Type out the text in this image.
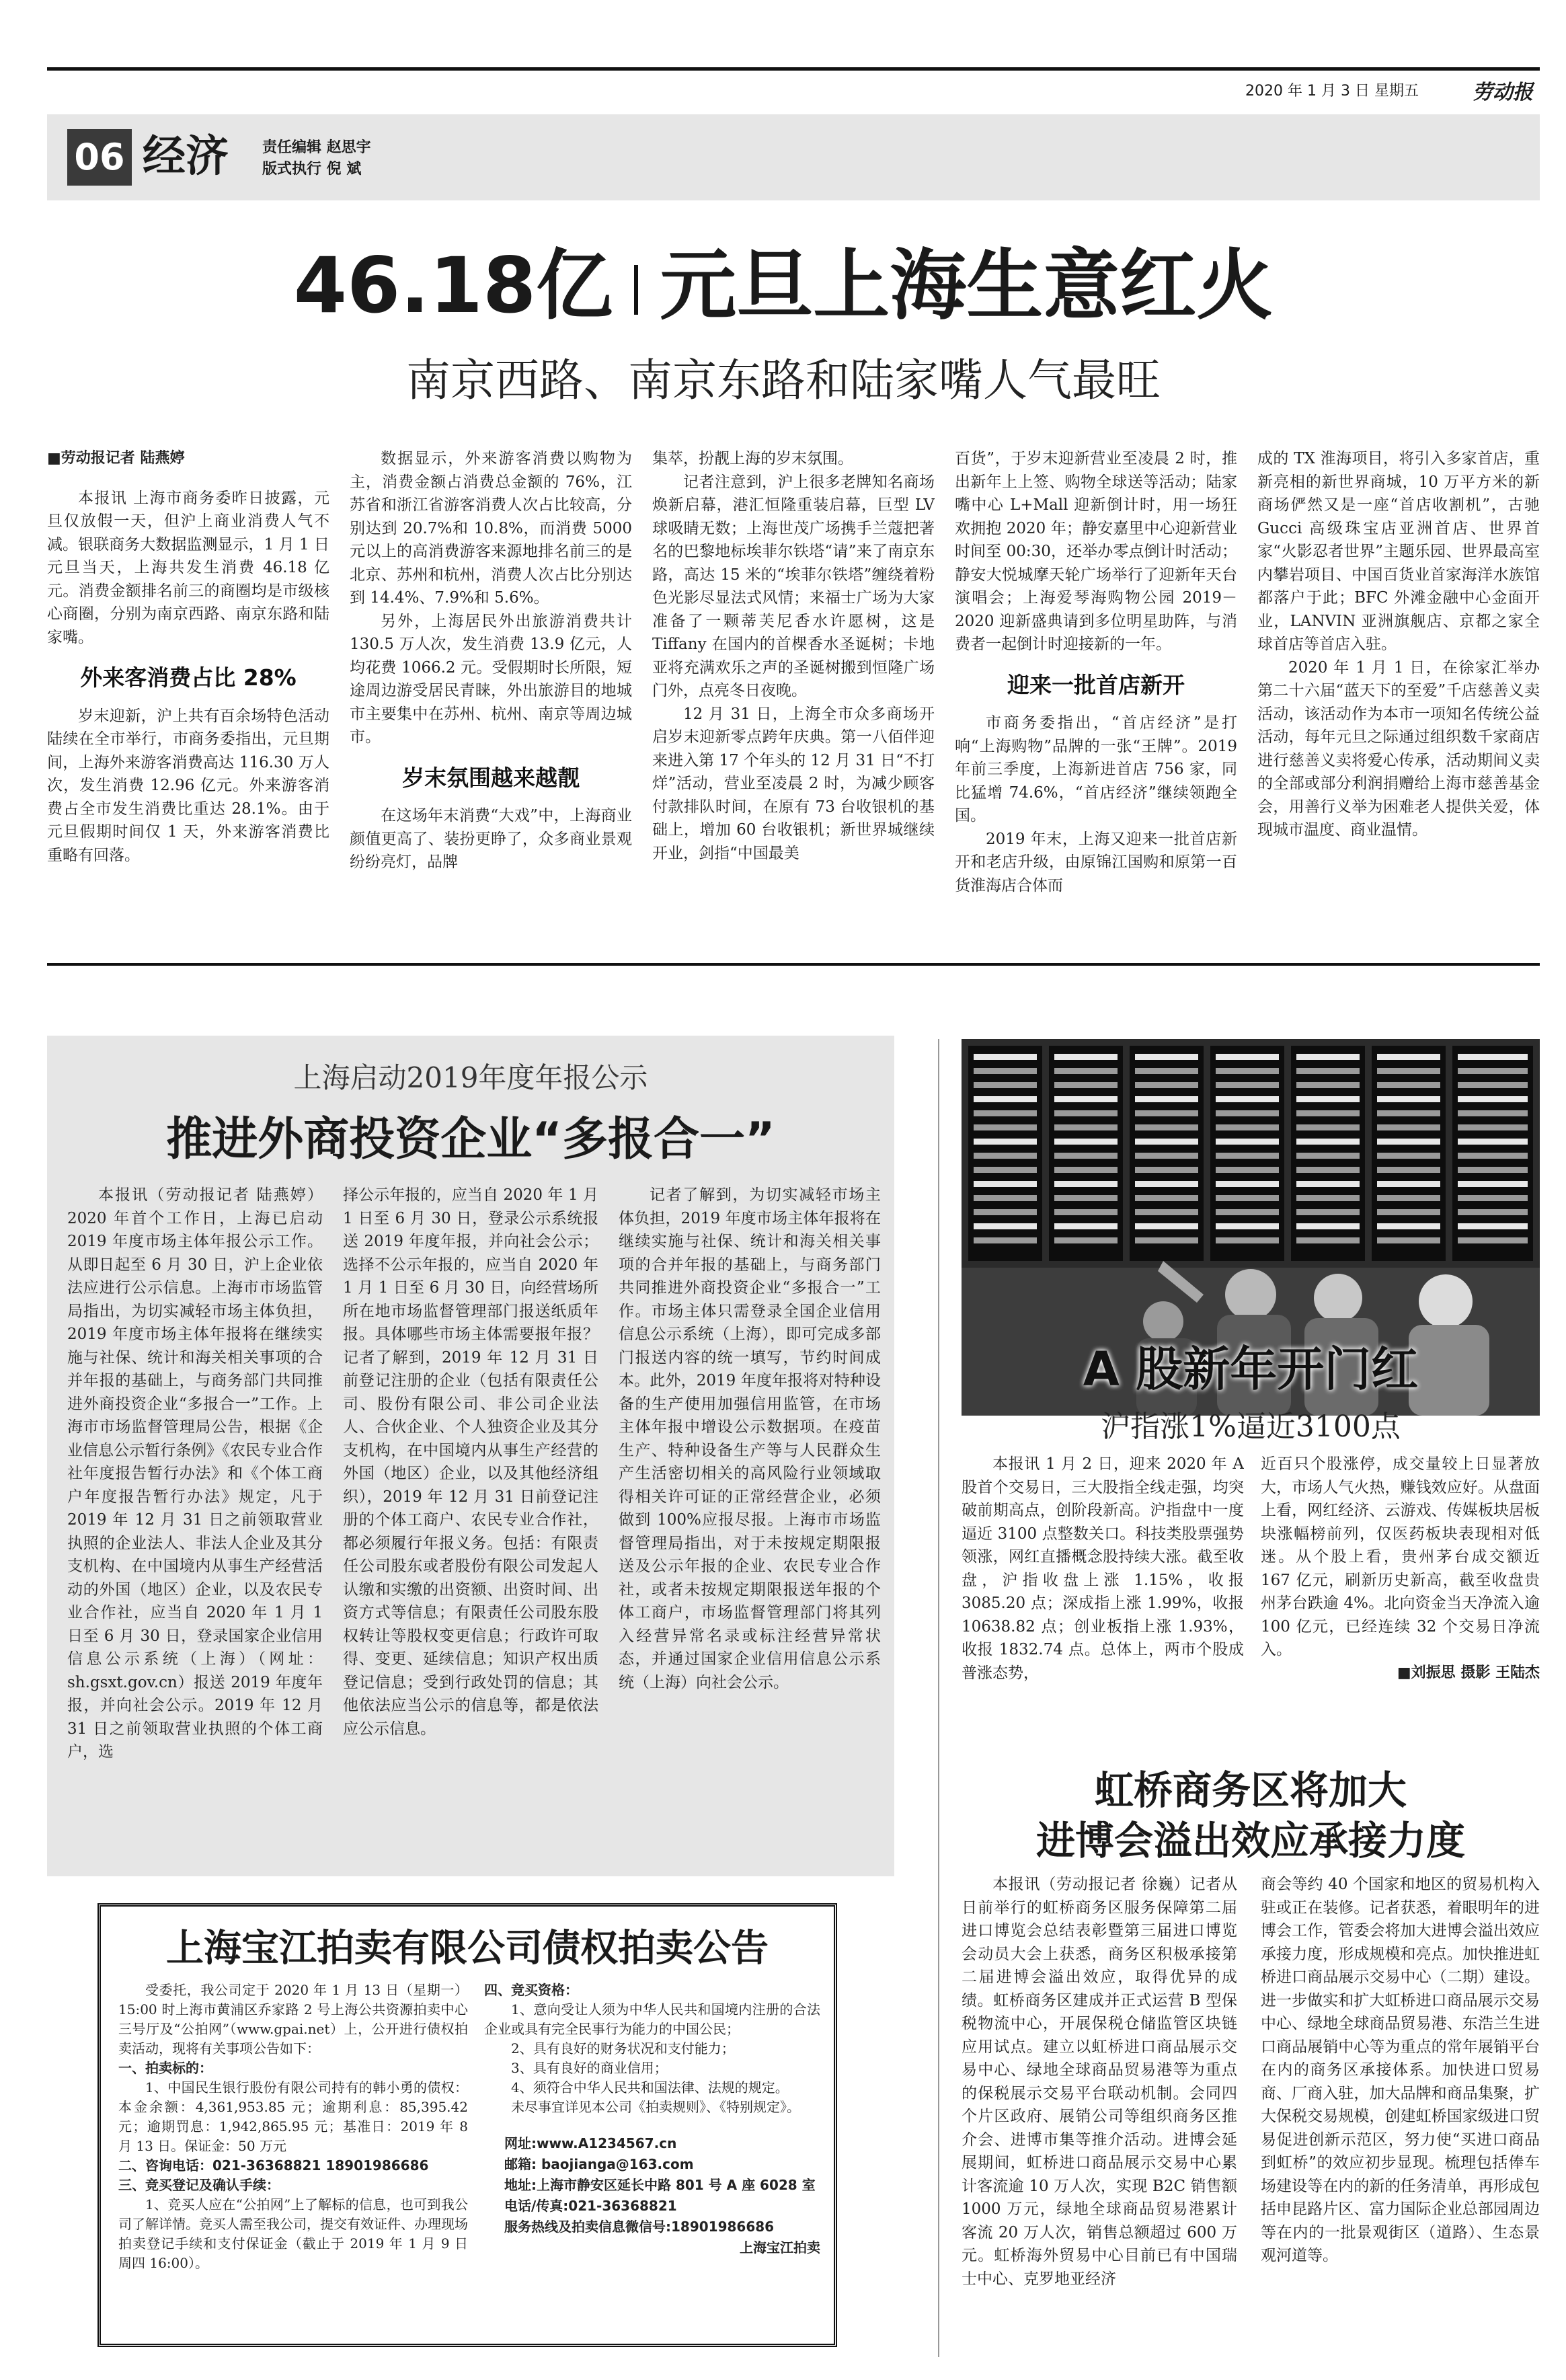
2020 年 1 月 3 日 星期五	劳动报
06 经济	责任编辑 赵思宇
版式执行 倪 斌
46.18亿 元旦上海生意红火
南京西路、南京东路和陆家嘴人气最旺

■劳动报记者 陆燕婷

本报讯 上海市商务委昨日披露，元旦仅放假一天，但沪上商业消费人气不减。银联商务大数据监测显示，1 月 1 日元旦当天，上海共发生消费 46.18 亿元。消费金额排名前三的商圈均是市级核心商圈，分别为南京西路、南京东路和陆家嘴。

外来客消费占比 28%

岁末迎新，沪上共有百余场特色活动陆续在全市举行，市商务委指出，元旦期间，上海外来游客消费高达 116.30 万人次，发生消费 12.96 亿元。外来游客消费占全市发生消费比重达 28.1%。由于元旦假期时间仅 1 天，外来游客消费比重略有回落。

数据显示，外来游客消费以购物为主，消费金额占消费总金额的 76%，江苏省和浙江省游客消费人次占比较高，分别达到 20.7%和 10.8%，而消费 5000 元以上的高消费游客来源地排名前三的是北京、苏州和杭州，消费人次占比分别达到 14.4%、7.9%和 5.6%。

另外，上海居民外出旅游消费共计 130.5 万人次，发生消费 13.9 亿元，人均花费 1066.2 元。受假期时长所限，短途周边游受居民青睐，外出旅游目的地城市主要集中在苏州、杭州、南京等周边城市。

岁末氛围越来越靓

在这场年末消费“大戏”中，上海商业颜值更高了、装扮更睁了，众多商业景观纷纷亮灯，品牌

集萃，扮靓上海的岁末氛围。

记者注意到，沪上很多老牌知名商场焕新启幕，港汇恒隆重装启幕，巨型 LV 球吸睛无数；上海世茂广场携手兰蔻把著名的巴黎地标埃菲尔铁塔“请”来了南京东路，高达 15 米的“埃菲尔铁塔”缠绕着粉色光影尽显法式风情；来福士广场为大家准备了一颗蒂芙尼香水许愿树，这是 Tiffany 在国内的首棵香水圣诞树；卡地亚将充满欢乐之声的圣诞树搬到恒隆广场门外，点亮冬日夜晚。

12 月 31 日，上海全市众多商场开启岁末迎新零点跨年庆典。第一八佰伴迎来进入第 17 个年头的 12 月 31 日“不打烊”活动，营业至凌晨 2 时，为减少顾客付款排队时间，在原有 73 台收银机的基础上，增加 60 台收银机；新世界城继续开业，剑指“中国最美

百货”，于岁末迎新营业至凌晨 2 时，推出新年上上签、购物全球送等活动；陆家嘴中心 L+Mall 迎新倒计时，用一场狂欢拥抱 2020 年；静安嘉里中心迎新营业时间至 00:30，还举办零点倒计时活动；静安大悦城摩天轮广场举行了迎新年天台演唱会；上海爱琴海购物公园 2019－2020 迎新盛典请到多位明星助阵，与消费者一起倒计时迎接新的一年。

迎来一批首店新开

市商务委指出，“首店经济”是打响“上海购物”品牌的一张“王牌”。2019 年前三季度，上海新进首店 756 家，同比猛增 74.6%，“首店经济”继续领跑全国。

2019 年末，上海又迎来一批首店新开和老店升级，由原锦江国购和原第一百货淮海店合体而

成的 TX 淮海项目，将引入多家首店，重新亮相的新世界商城，10 万平方米的新商场俨然又是一座“首店收割机”，古驰 Gucci 高级珠宝店亚洲首店、世界首家“火影忍者世界”主题乐园、世界最高室内攀岩项目、中国百货业首家海洋水族馆都落户于此；BFC 外滩金融中心金面开业，LANVIN 亚洲旗舰店、京都之家全球首店等首店入驻。

2020 年 1 月 1 日，在徐家汇举办第二十六届“蓝天下的至爱”千店慈善义卖活动，该活动作为本市一项知名传统公益活动，每年元旦之际通过组织数千家商店进行慈善义卖将爱心传承，活动期间义卖的全部或部分利润捐赠给上海市慈善基金会，用善行义举为困难老人提供关爱，体现城市温度、商业温情。

上海启动2019年度年报公示
推进外商投资企业“多报合一”

本报讯（劳动报记者 陆燕婷）2020 年首个工作日，上海已启动 2019 年度市场主体年报公示工作。从即日起至 6 月 30 日，沪上企业依法应进行公示信息。上海市市场监管局指出，为切实减轻市场主体负担，2019 年度市场主体年报将在继续实施与社保、统计和海关相关事项的合并年报的基础上，与商务部门共同推进外商投资企业“多报合一”工作。上海市市场监督管理局公告，根据《企业信息公示暂行条例》《农民专业合作社年度报告暂行办法》和《个体工商户年度报告暂行办法》规定，凡于 2019 年 12 月 31 日之前领取营业执照的企业法人、非法人企业及其分支机构、在中国境内从事生产经营活动的外国（地区）企业，以及农民专业合作社，应当自 2020 年 1 月 1 日至 6 月 30 日，登录国家企业信用信息公示系统（上海）（网址：sh.gsxt.gov.cn）报送 2019 年度年报，并向社会公示。2019 年 12 月 31 日之前领取营业执照的个体工商户，选

择公示年报的，应当自 2020 年 1 月 1 日至 6 月 30 日，登录公示系统报送 2019 年度年报，并向社会公示；选择不公示年报的，应当自 2020 年 1 月 1 日至 6 月 30 日，向经营场所所在地市场监督管理部门报送纸质年报。具体哪些市场主体需要报年报？记者了解到，2019 年 12 月 31 日前登记注册的企业（包括有限责任公司、股份有限公司、非公司企业法人、合伙企业、个人独资企业及其分支机构，在中国境内从事生产经营的外国（地区）企业，以及其他经济组织），2019 年 12 月 31 日前登记注册的个体工商户、农民专业合作社，都必须履行年报义务。包括：有限责任公司股东或者股份有限公司发起人认缴和实缴的出资额、出资时间、出资方式等信息；有限责任公司股东股权转让等股权变更信息；行政许可取得、变更、延续信息；知识产权出质登记信息；受到行政处罚的信息；其他依法应当公示的信息等，都是依法应公示信息。

记者了解到，为切实减轻市场主体负担，2019 年度市场主体年报将在继续实施与社保、统计和海关相关事项的合并年报的基础上，与商务部门共同推进外商投资企业“多报合一”工作。市场主体只需登录全国企业信用信息公示系统（上海），即可完成多部门报送内容的统一填写，节约时间成本。此外，2019 年度年报将对特种设备的生产使用加强信用监管，在市场主体年报中增设公示数据项。在疫苗生产、特种设备生产等与人民群众生产生活密切相关的高风险行业领域取得相关许可证的正常经营企业，必须做到 100%应报尽报。上海市市场监督管理局指出，对于未按规定期限报送及公示年报的企业、农民专业合作社，或者未按规定期限报送年报的个体工商户，市场监督管理部门将其列入经营异常名录或标注经营异常状态，并通过国家企业信用信息公示系统（上海）向社会公示。

A 股新年开门红
沪指涨1%逼近3100点

本报讯 1 月 2 日，迎来 2020 年 A 股首个交易日，三大股指全线走强，均突破前期高点，创阶段新高。沪指盘中一度逼近 3100 点整数关口。科技类股票强势领涨，网红直播概念股持续大涨。截至收盘，沪指收盘上涨 1.15%，收报 3085.20 点；深成指上涨 1.99%，收报 10638.82 点；创业板指上涨 1.93%，收报 1832.74 点。总体上，两市个股成普涨态势，

近百只个股涨停，成交量较上日显著放大，市场人气火热，赚钱效应好。从盘面上看，网红经济、云游戏、传媒板块居板块涨幅榜前列，仅医药板块表现相对低迷。从个股上看，贵州茅台成交额近 167 亿元，刷新历史新高，截至收盘贵州茅台跌逾 4%。北向资金当天净流入逾 100 亿元，已经连续 32 个交易日净流入。

■刘振思 摄影 王陆杰

虹桥商务区将加大
进博会溢出效应承接力度

本报讯（劳动报记者 徐巍）记者从日前举行的虹桥商务区服务保障第二届进口博览会总结表彰暨第三届进口博览会动员大会上获悉，商务区积极承接第二届进博会溢出效应，取得优异的成绩。虹桥商务区建成并正式运营 B 型保税物流中心，开展保税仓储监管区块链应用试点。建立以虹桥进口商品展示交易中心、绿地全球商品贸易港等为重点的保税展示交易平台联动机制。会同四个片区政府、展销公司等组织商务区推介会、进博市集等推介活动。进博会延展期间，虹桥进口商品展示交易中心累计客流逾 10 万人次，实现 B2C 销售额 1000 万元，绿地全球商品贸易港累计客流 20 万人次，销售总额超过 600 万元。虹桥海外贸易中心目前已有中国瑞士中心、克罗地亚经济

商会等约 40 个国家和地区的贸易机构入驻或正在装修。记者获悉，着眼明年的进博会工作，管委会将加大进博会溢出效应承接力度，形成规模和亮点。加快推进虹桥进口商品展示交易中心（二期）建设。进一步做实和扩大虹桥进口商品展示交易中心、绿地全球商品贸易港、东浩兰生进口商品展销中心等为重点的常年展销平台在内的商务区承接体系。加快进口贸易商、厂商入驻，加大品牌和商品集聚，扩大保税交易规模，创建虹桥国家级进口贸易促进创新示范区，努力使“买进口商品到虹桥”的效应初步显现。梳理包括俸车场建设等在内的新的任务清单，再形成包括申昆路片区、富力国际企业总部园周边等在内的一批景观街区（道路）、生态景观河道等。

上海宝江拍卖有限公司债权拍卖公告

受委托，我公司定于 2020 年 1 月 13 日（星期一）15:00 时上海市黄浦区乔家路 2 号上海公共资源拍卖中心三号厅及“公拍网”（www.gpai.net）上，公开进行债权拍卖活动，现将有关事项公告如下：

一、拍卖标的：

1、中国民生银行股份有限公司持有的韩小勇的债权：本金余额：4,361,953.85 元；逾期利息：85,395.42 元；逾期罚息：1,942,865.95 元；基准日：2019 年 8 月 13 日。保证金：50 万元

二、咨询电话：021-36368821 18901986686

三、竞买登记及确认手续：

1、竞买人应在“公拍网”上了解标的信息，也可到我公司了解详情。竞买人需至我公司，提交有效证件、办理现场拍卖登记手续和支付保证金（截止于 2019 年 1 月 9 日 周四 16:00）。

四、竞买资格：

1、意向受让人须为中华人民共和国境内注册的合法企业或具有完全民事行为能力的中国公民；

2、具有良好的财务状况和支付能力；

3、具有良好的商业信用；

4、须符合中华人民共和国法律、法规的规定。

未尽事宜详见本公司《拍卖规则》、《特别规定》。

网址:www.A1234567.cn
邮箱: baojianga@163.com
地址:上海市静安区延长中路 801 号 A 座 6028 室
电话/传真:021-36368821
服务热线及拍卖信息微信号:18901986686
上海宝江拍卖
